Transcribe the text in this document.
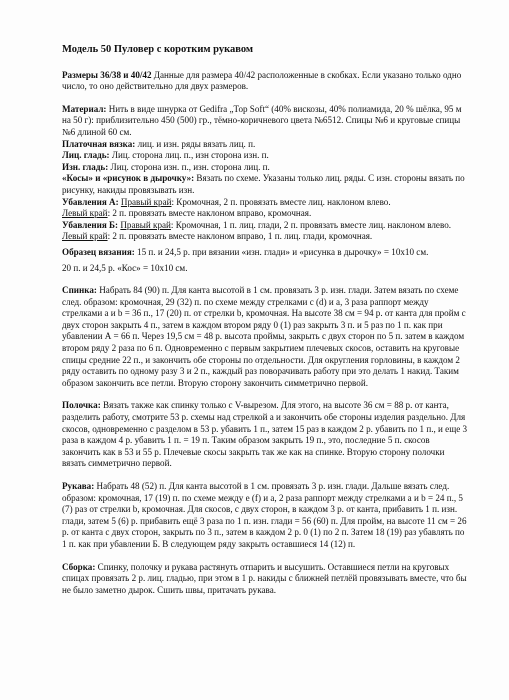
Модель 50 Пуловер с коротким рукавом

Размеры 36/38 и 40/42 Данные для размера 40/42 расположенные в скобках. Если указано только одно число, то оно действительно для двух размеров.

Материал: Нить в виде шнурка от Gedifra „Top Soft“ (40% вискозы, 40% полиамида, 20 % шёлка, 95 м на 50 г): приблизительно 450 (500) гр., тёмно-коричневого цвета №6512. Спицы №6 и круговые спицы №6 длиной 60 см.

Платочная вязка: лиц. и изн. ряды вязать лиц. п.

Лиц. гладь: Лиц. сторона лиц. п., изн сторона изн. п.

Изн. гладь: Лиц. сторона изн. п., изн. сторона лиц. п.

«Косы» и «рисунок в дырочку»: Вязать по схеме. Указаны только лиц. ряды. С изн. стороны вязать по рисунку, накиды провязывать изн.

Убавления А: Правый край: Кромочная, 2 п. провязать вместе лиц. наклоном влево.
Левый край: 2 п. провязать вместе наклоном вправо, кромочная.

Убавления Б: Правый край: Кромочная, 1 п. лиц. глади, 2 п. провязать вместе лиц. наклоном влево. Левый край: 2 п. провязать вместе наклоном вправо, 1 п. лиц. глади, кромочная.

Образец вязания: 15 п. и 24,5 р. при вязании «изн. глади» и «рисунка в дырочку» = 10х10 см.

20 п. и 24,5 р. «Кос» = 10х10 см.

Спинка: Набрать 84 (90) п. Для канта высотой в 1 см. провязать 3 р. изн. глади. Затем вязать по схеме след. образом: кромочная, 29 (32) п. по схеме между стрелками с (d) и а, 3 раза раппорт между стрелками а и b = 36 п., 17 (20) п. от стрелки b, кромочная. На высоте 38 см = 94 р. от канта для пройм с двух сторон закрыть 4 п., затем в каждом втором ряду 0 (1) раз закрыть 3 п. и 5 раз по 1 п. как при убавлении А = 66 п. Через 19,5 см = 48 р. высота проймы, закрыть с двух сторон по 5 п. затем в каждом втором ряду 2 раза по 6 п. Одновременно с первым закрытием плечевых скосов, оставить на круговые спицы средние 22 п., и закончить обе стороны по отдельности. Для округления горловины, в каждом 2 ряду оставить по одному разу 3 и 2 п., каждый раз поворачивать работу при это делать 1 накид. Таким образом закончить все петли. Вторую сторону закончить симметрично первой.

Полочка: Вязать также как спинку только с V-вырезом. Для этого, на высоте 36 см = 88 р. от канта, разделить работу, смотрите 53 р. схемы над стрелкой а и закончить обе стороны изделия раздельно. Для скосов, одновременно с разделом в 53 р. убавить 1 п., затем 15 раз в каждом 2 р. убавить по 1 п., и еще 3 раза в каждом 4 р. убавить 1 п. = 19 п. Таким образом закрыть 19 п., это, последние 5 п. скосов закончить как в 53 и 55 р. Плечевые скосы закрыть так же как на спинке. Вторую сторону полочки вязать симметрично первой.

Рукава: Набрать 48 (52) п. Для канта высотой в 1 см. провязать 3 р. изн. глади. Дальше вязать след. образом: кромочная, 17 (19) п. по схеме между е (f) и а, 2 раза раппорт между стрелками а и b = 24 п., 5 (7) раз от стрелки b, кромочная. Для скосов, с двух сторон, в каждом 3 р. от канта, прибавить 1 п. изн. глади, затем 5 (6) р. прибавить ещё 3 раза по 1 п. изн. глади = 56 (60) п. Для пройм, на высоте 11 см = 26 р. от канта с двух сторон, закрыть по 3 п., затем в каждом 2 р. 0 (1) по 2 п. Затем 18 (19) раз убавлять по 1 п. как при убавлении Б. В следующем ряду закрыть оставшиеся 14 (12) п.

Сборка: Спинку, полочку и рукава растянуть отпарить и высушить. Оставшиеся петли на круговых спицах провязать 2 р. лиц. гладью, при этом в 1 р. накиды с ближней петлёй провязывать вместе, что бы не было заметно дырок. Сшить швы, притачать рукава.
